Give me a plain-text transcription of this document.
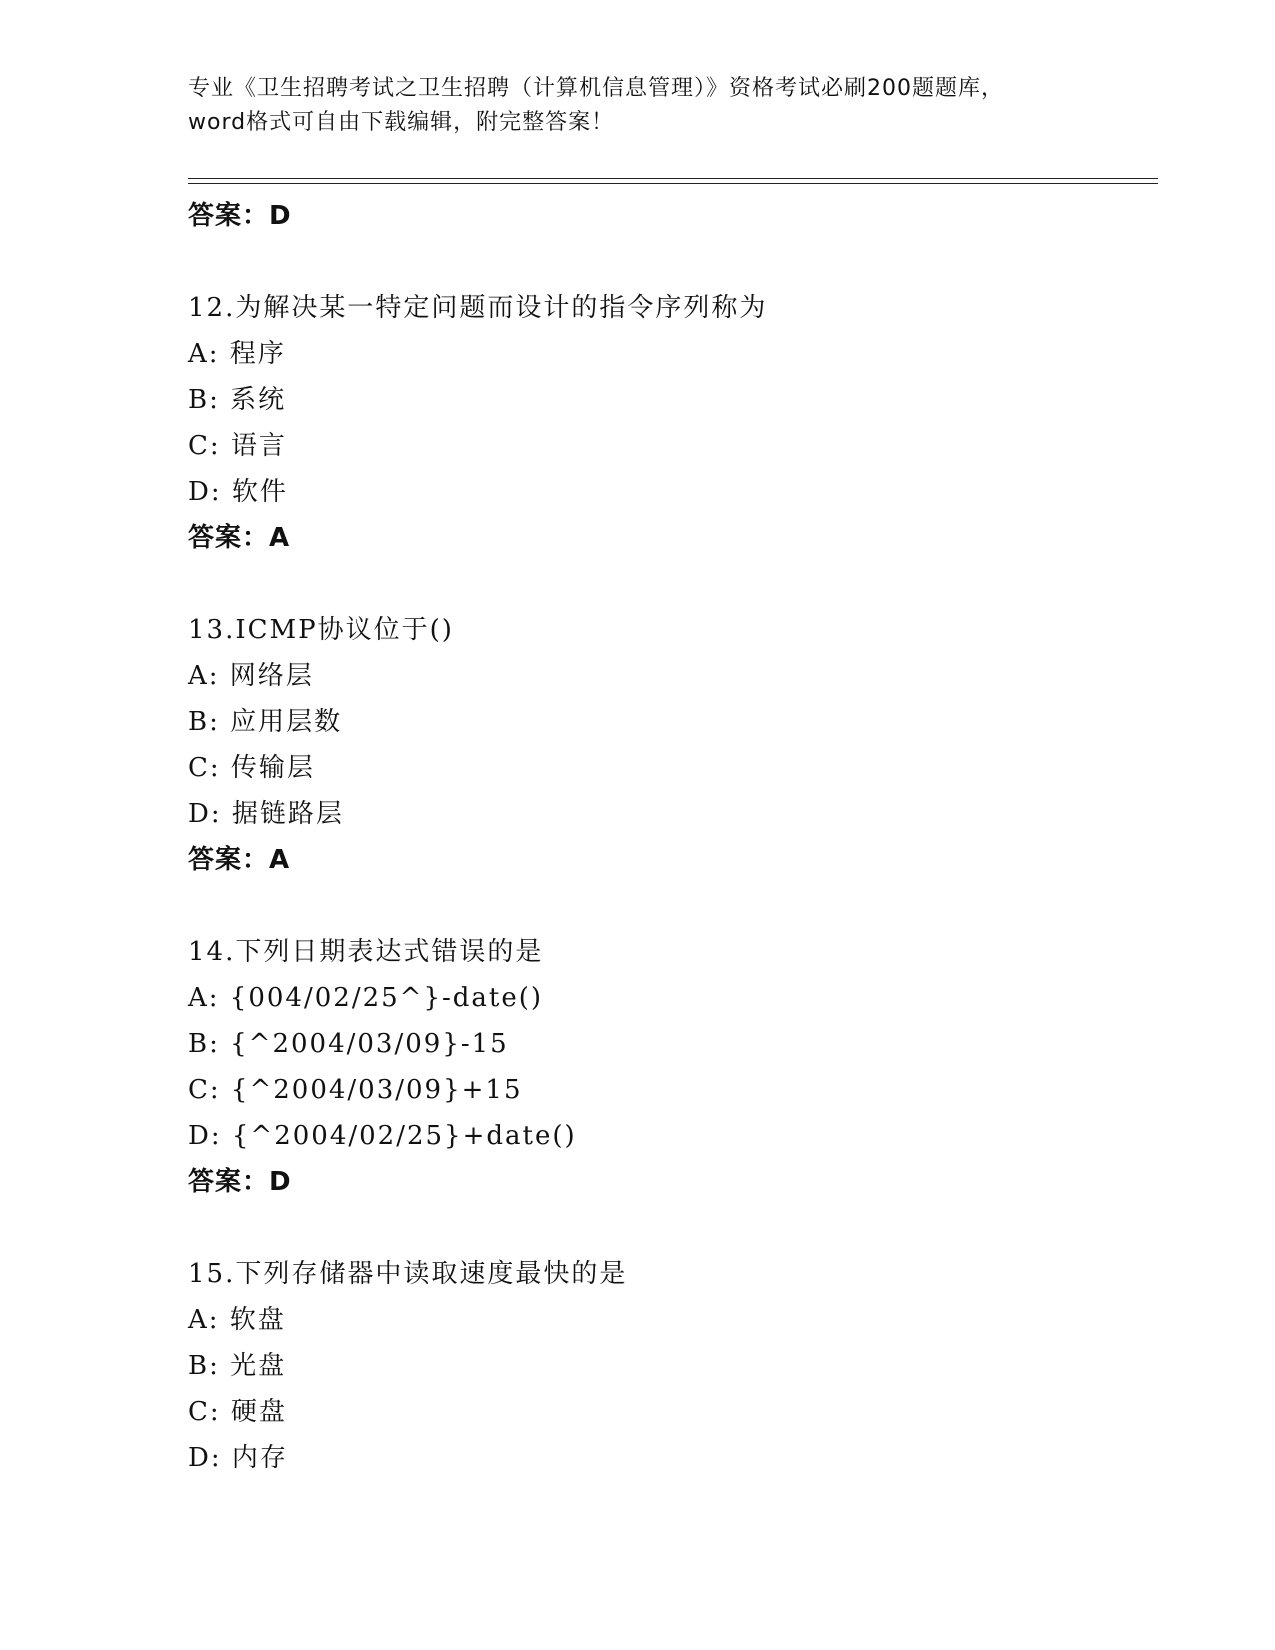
专业《卫生招聘考试之卫生招聘（计算机信息管理）》资格考试必刷200题题库，
word格式可自由下载编辑，附完整答案！
答案：D
12.为解决某一特定问题而设计的指令序列称为
A: 程序
B: 系统
C: 语言
D: 软件
答案：A
13.ICMP协议位于()
A: 网络层
B: 应用层数
C: 传输层
D: 据链路层
答案：A
14.下列日期表达式错误的是
A: {004/02/25^}-date()
B: {^2004/03/09}-15
C: {^2004/03/09}+15
D: {^2004/02/25}+date()
答案：D
15.下列存储器中读取速度最快的是
A: 软盘
B: 光盘
C: 硬盘
D: 内存
